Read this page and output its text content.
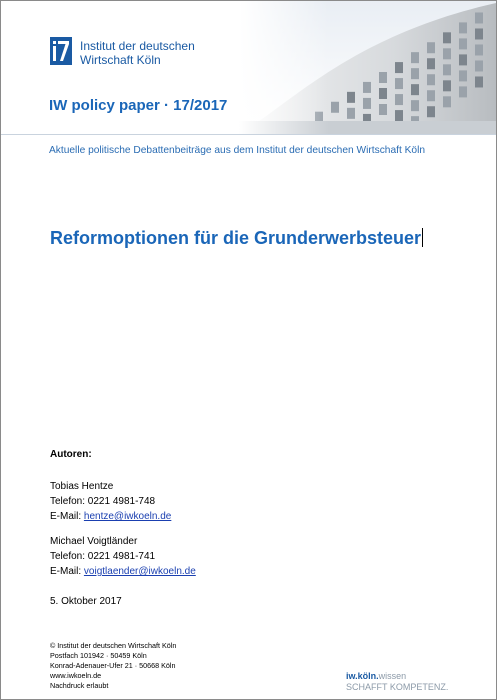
Institut der deutschen
Wirtschaft Köln
IW policy paper · 17/2017
Aktuelle politische Debattenbeiträge aus dem Institut der deutschen Wirtschaft Köln
Reformoptionen für die Grunderwerbsteuer
Autoren:
Tobias Hentze
Telefon: 0221 4981-748
E-Mail: hentze@iwkoeln.de
Michael Voigtländer
Telefon: 0221 4981-741
E-Mail: voigtlaender@iwkoeln.de
5. Oktober 2017
© Institut der deutschen Wirtschaft Köln
Postfach 101942 · 50459 Köln
Konrad-Adenauer-Ufer 21 · 50668 Köln
www.iwkoeln.de
Nachdruck erlaubt
iw.köln.wissen
SCHAFFT KOMPETENZ.
